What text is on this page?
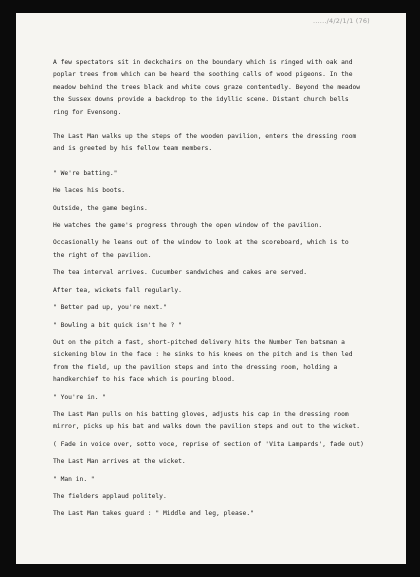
....../4/2/1/1 (76)
A few spectators sit in deckchairs on the boundary which is ringed with oak and
poplar trees from which can be heard the soothing calls of wood pigeons. In the
meadow behind the trees black and white cows graze contentedly. Beyond the meadow
the Sussex downs provide a backdrop to the idyllic scene. Distant church bells
ring for Evensong.
The Last Man walks up the steps of the wooden pavilion, enters the dressing room
and is greeted by his fellow team members.
" We're batting."
He laces his boots.
Outside, the game begins.
He watches the game's progress through the open window of the pavilion.
Occasionally he leans out of the window to look at the scoreboard, which is to
the right of the pavilion.
The tea interval arrives. Cucumber sandwiches and cakes are served.
After tea, wickets fall regularly.
" Better pad up, you're next."
" Bowling a bit quick isn't he ? "
Out on the pitch a fast, short-pitched delivery hits the Number Ten batsman a
sickening blow in the face : he sinks to his knees on the pitch and is then led
from the field, up the pavilion steps and into the dressing room, holding a
handkerchief to his face which is pouring blood.
" You're in. "
The Last Man pulls on his batting gloves, adjusts his cap in the dressing room
mirror, picks up his bat and walks down the pavilion steps and out to the wicket.
( Fade in voice over, sotto voce, reprise of section of 'Vita Lampards', fade out)
The Last Man arrives at the wicket.
" Man in. "
The fielders applaud politely.
The Last Man takes guard : " Middle and leg, please."
